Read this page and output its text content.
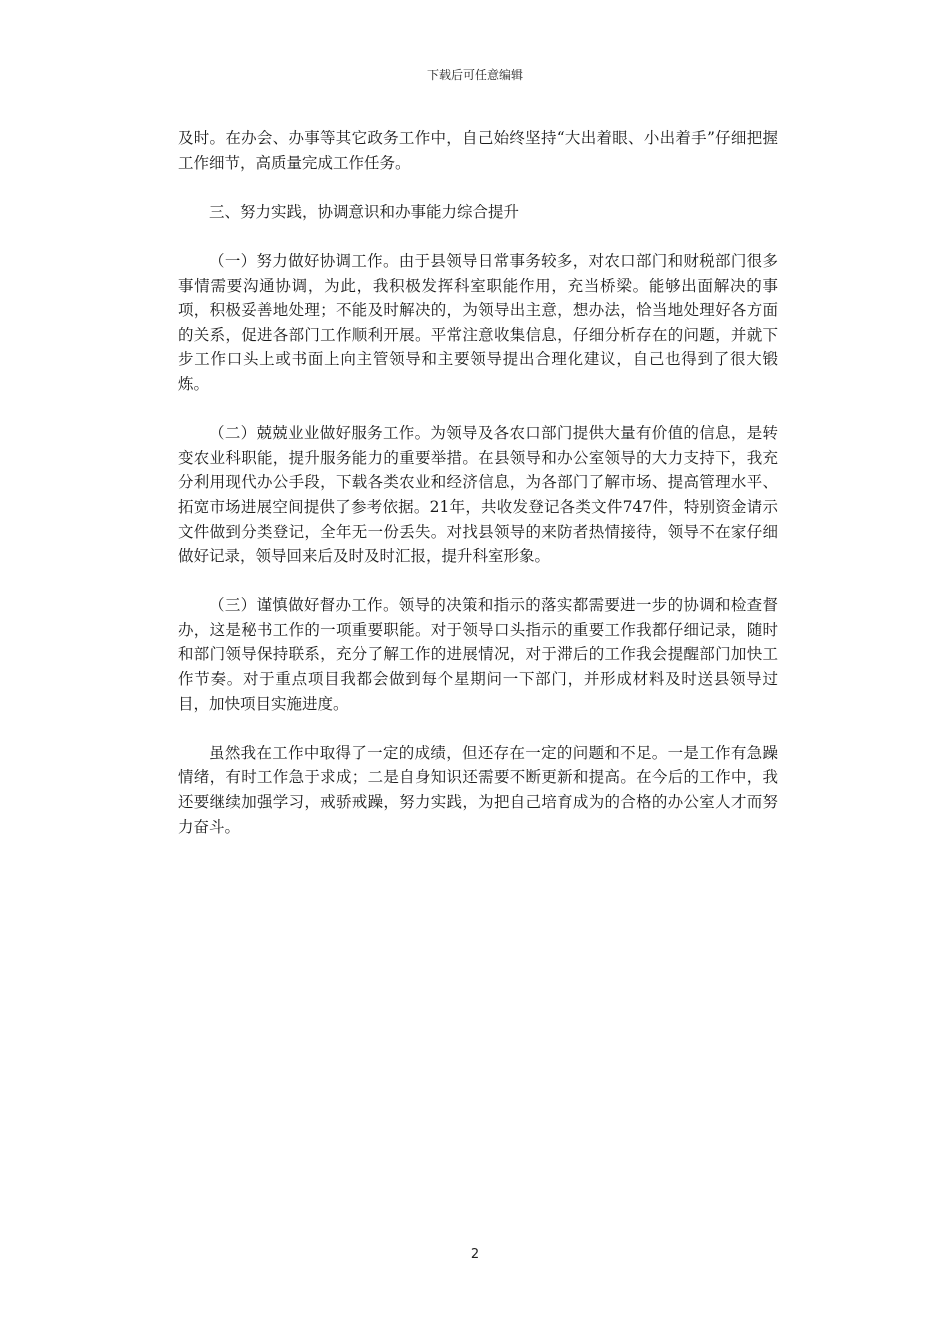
下载后可任意编辑

及时。在办会、办事等其它政务工作中，自己始终坚持“大出着眼、小出着手”仔细把握工作细节，高质量完成工作任务。

三、努力实践，协调意识和办事能力综合提升

（一）努力做好协调工作。由于县领导日常事务较多，对农口部门和财税部门很多事情需要沟通协调，为此，我积极发挥科室职能作用，充当桥梁。能够出面解决的事项，积极妥善地处理；不能及时解决的，为领导出主意，想办法，恰当地处理好各方面的关系，促进各部门工作顺利开展。平常注意收集信息，仔细分析存在的问题，并就下步工作口头上或书面上向主管领导和主要领导提出合理化建议，自己也得到了很大锻炼。

（二）兢兢业业做好服务工作。为领导及各农口部门提供大量有价值的信息，是转变农业科职能，提升服务能力的重要举措。在县领导和办公室领导的大力支持下，我充分利用现代办公手段，下载各类农业和经济信息，为各部门了解市场、提高管理水平、拓宽市场进展空间提供了参考依据。21年，共收发登记各类文件747件，特别资金请示文件做到分类登记，全年无一份丢失。对找县领导的来防者热情接待，领导不在家仔细做好记录，领导回来后及时及时汇报，提升科室形象。

（三）谨慎做好督办工作。领导的决策和指示的落实都需要进一步的协调和检查督办，这是秘书工作的一项重要职能。对于领导口头指示的重要工作我都仔细记录，随时和部门领导保持联系，充分了解工作的进展情况，对于滞后的工作我会提醒部门加快工作节奏。对于重点项目我都会做到每个星期问一下部门，并形成材料及时送县领导过目，加快项目实施进度。

虽然我在工作中取得了一定的成绩，但还存在一定的问题和不足。一是工作有急躁情绪，有时工作急于求成；二是自身知识还需要不断更新和提高。在今后的工作中，我还要继续加强学习，戒骄戒躁，努力实践，为把自己培育成为的合格的办公室人才而努力奋斗。

2
